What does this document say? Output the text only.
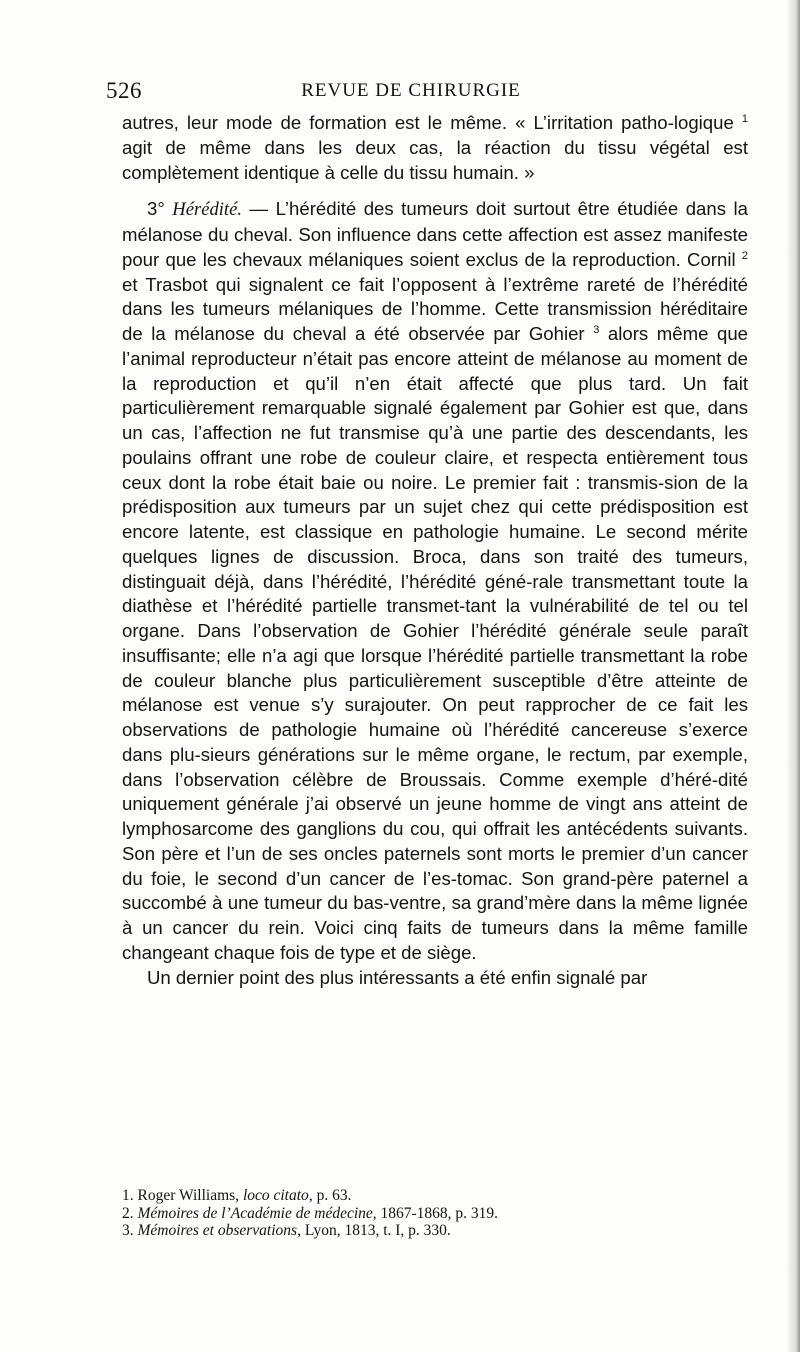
526	REVUE DE CHIRURGIE

autres, leur mode de formation est le même. « L’irritation patho-logique $^1$ agit de même dans les deux cas, la réaction du tissu végétal est complètement identique à celle du tissu humain. »

3° Hérédité. — L’hérédité des tumeurs doit surtout être étudiée dans la mélanose du cheval. Son influence dans cette affection est assez manifeste pour que les chevaux mélaniques soient exclus de la reproduction. Cornil $^2$ et Trasbot qui signalent ce fait l’opposent à l’extrême rareté de l’hérédité dans les tumeurs mélaniques de l’homme. Cette transmission héréditaire de la mélanose du cheval a été observée par Gohier $^3$ alors même que l’animal reproducteur n’était pas encore atteint de mélanose au moment de la reproduction et qu’il n’en était affecté que plus tard. Un fait particulièrement remarquable signalé également par Gohier est que, dans un cas, l’affection ne fut transmise qu’à une partie des descendants, les poulains offrant une robe de couleur claire, et respecta entièrement tous ceux dont la robe était baie ou noire. Le premier fait : transmis-sion de la prédisposition aux tumeurs par un sujet chez qui cette prédisposition est encore latente, est classique en pathologie humaine. Le second mérite quelques lignes de discussion. Broca, dans son traité des tumeurs, distinguait déjà, dans l’hérédité, l’hérédité géné-rale transmettant toute la diathèse et l’hérédité partielle transmet-tant la vulnérabilité de tel ou tel organe. Dans l’observation de Gohier l’hérédité générale seule paraît insuffisante; elle n’a agi que lorsque l’hérédité partielle transmettant la robe de couleur blanche plus particulièrement susceptible d’être atteinte de mélanose est venue s’y surajouter. On peut rapprocher de ce fait les observations de pathologie humaine où l’hérédité cancereuse s’exerce dans plu-sieurs générations sur le même organe, le rectum, par exemple, dans l’observation célèbre de Broussais. Comme exemple d’héré-dité uniquement générale j’ai observé un jeune homme de vingt ans atteint de lymphosarcome des ganglions du cou, qui offrait les antécédents suivants. Son père et l’un de ses oncles paternels sont morts le premier d’un cancer du foie, le second d’un cancer de l’es-tomac. Son grand-père paternel a succombé à une tumeur du bas-ventre, sa grand’mère dans la même lignée à un cancer du rein. Voici cinq faits de tumeurs dans la même famille changeant chaque fois de type et de siège.

Un dernier point des plus intéressants a été enfin signalé par

1. Roger Williams, loco citato, p. 63.

2. Mémoires de l’Académie de médecine, 1867-1868, p. 319.

3. Mémoires et observations, Lyon, 1813, t. I, p. 330.
